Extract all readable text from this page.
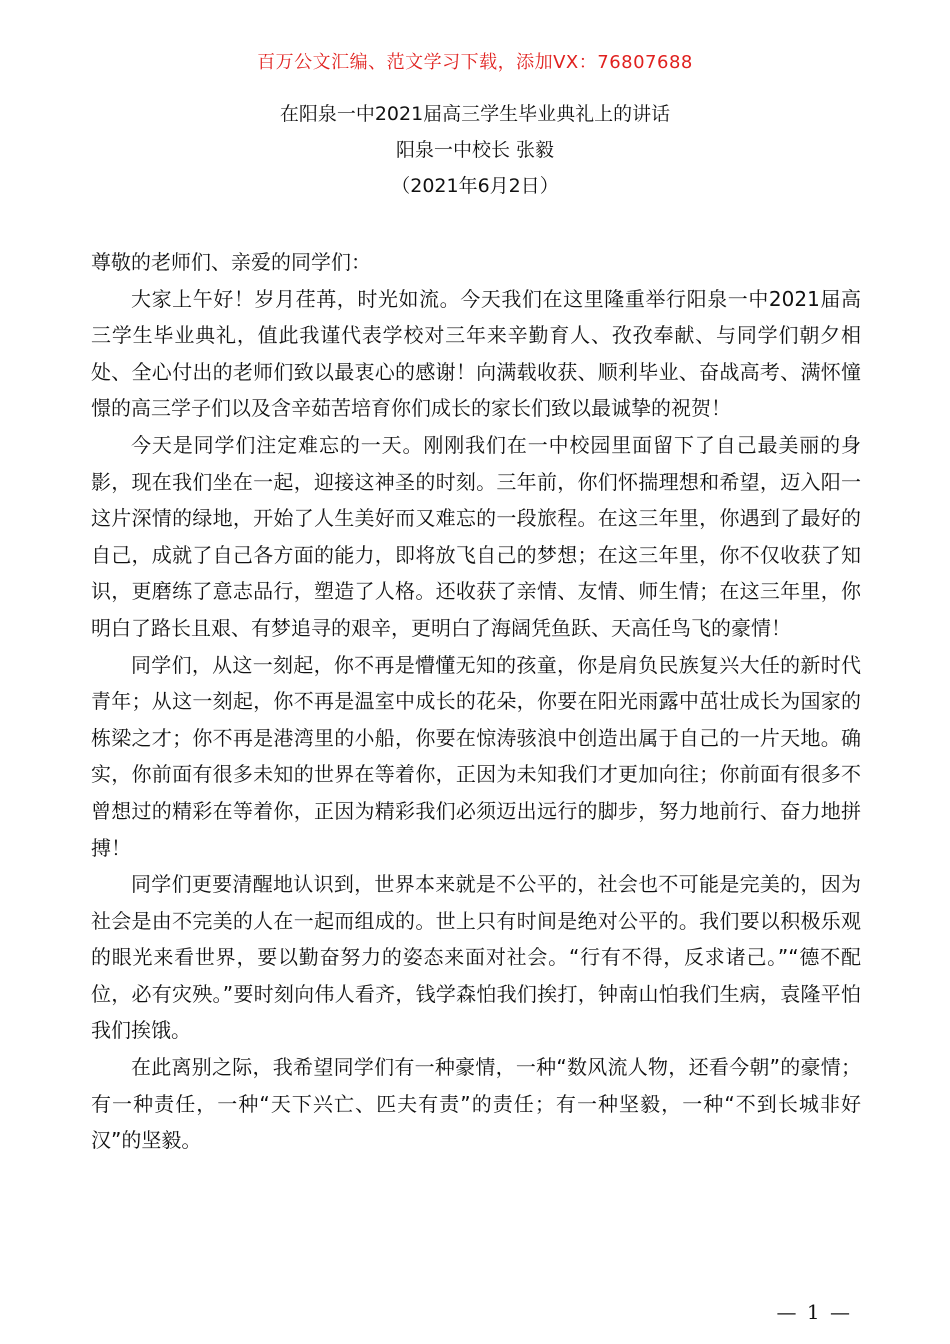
百万公文汇编、范文学习下载，添加VX：76807688
在阳泉一中2021届高三学生毕业典礼上的讲话
阳泉一中校长 张毅
（2021年6月2日）

尊敬的老师们、亲爱的同学们：

大家上午好！岁月荏苒，时光如流。今天我们在这里隆重举行阳泉一中2021届高三学生毕业典礼，值此我谨代表学校对三年来辛勤育人、孜孜奉献、与同学们朝夕相处、全心付出的老师们致以最衷心的感谢！向满载收获、顺利毕业、奋战高考、满怀憧憬的高三学子们以及含辛茹苦培育你们成长的家长们致以最诚挚的祝贺！

今天是同学们注定难忘的一天。刚刚我们在一中校园里面留下了自己最美丽的身影，现在我们坐在一起，迎接这神圣的时刻。三年前，你们怀揣理想和希望，迈入阳一这片深情的绿地，开始了人生美好而又难忘的一段旅程。在这三年里，你遇到了最好的自己，成就了自己各方面的能力，即将放飞自己的梦想；在这三年里，你不仅收获了知识，更磨练了意志品行，塑造了人格。还收获了亲情、友情、师生情；在这三年里，你明白了路长且艰、有梦追寻的艰辛，更明白了海阔凭鱼跃、天高任鸟飞的豪情！

同学们，从这一刻起，你不再是懵懂无知的孩童，你是肩负民族复兴大任的新时代青年；从这一刻起，你不再是温室中成长的花朵，你要在阳光雨露中茁壮成长为国家的栋梁之才；你不再是港湾里的小船，你要在惊涛骇浪中创造出属于自己的一片天地。确实，你前面有很多未知的世界在等着你，正因为未知我们才更加向往；你前面有很多不曾想过的精彩在等着你，正因为精彩我们必须迈出远行的脚步，努力地前行、奋力地拼搏！

同学们更要清醒地认识到，世界本来就是不公平的，社会也不可能是完美的，因为社会是由不完美的人在一起而组成的。世上只有时间是绝对公平的。我们要以积极乐观的眼光来看世界，要以勤奋努力的姿态来面对社会。“行有不得，反求诸己。”“德不配位，必有灾殃。”要时刻向伟人看齐，钱学森怕我们挨打，钟南山怕我们生病，袁隆平怕我们挨饿。

在此离别之际，我希望同学们有一种豪情，一种“数风流人物，还看今朝”的豪情；有一种责任，一种“天下兴亡、匹夫有责”的责任；有一种坚毅，一种“不到长城非好汉”的坚毅。

— 1 —
